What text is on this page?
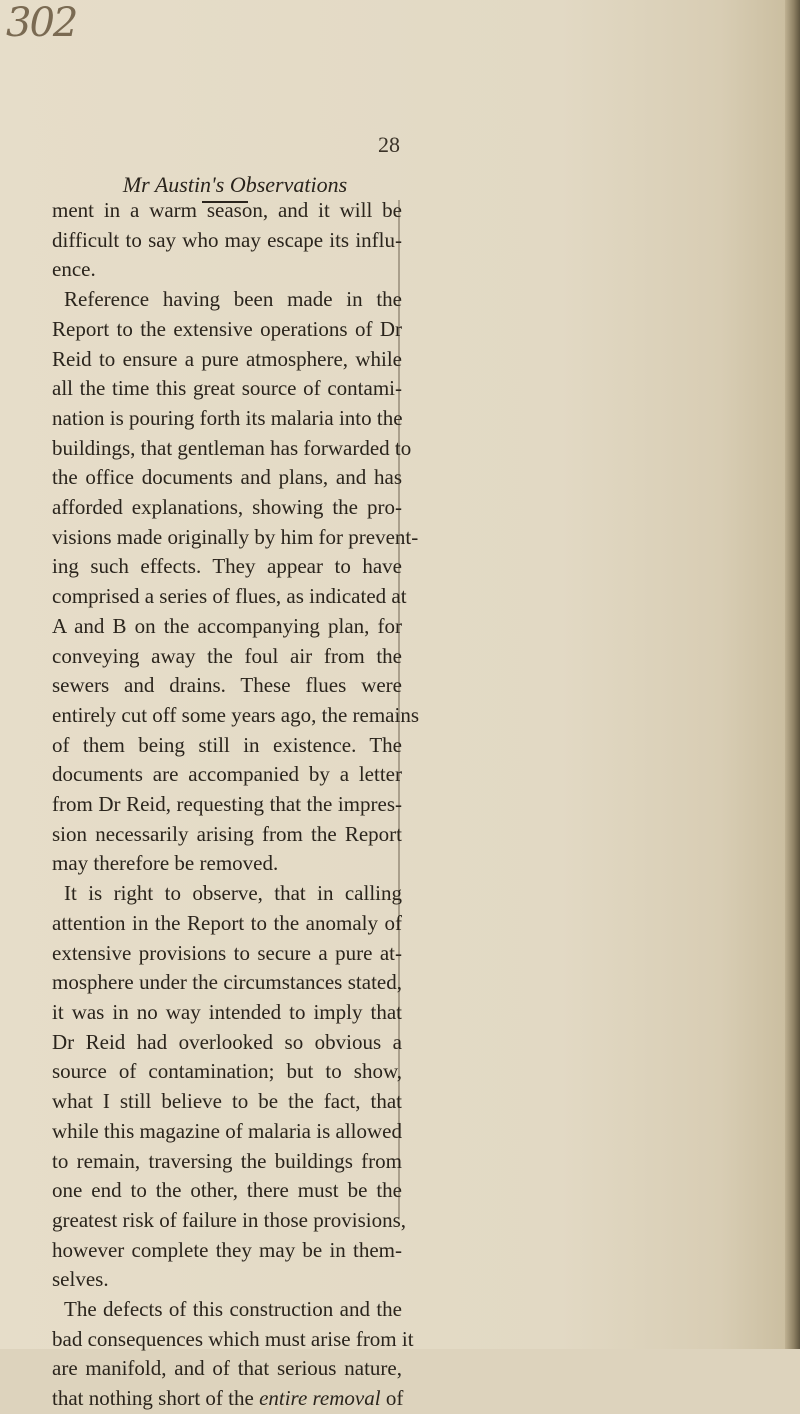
302
28
Mr Austin's Observations
ment in a warm season, and it will be
difficult to say who may escape its influ-
ence.
Reference having been made in the
Report to the extensive operations of Dr
Reid to ensure a pure atmosphere, while
all the time this great source of contami-
nation is pouring forth its malaria into the
buildings, that gentleman has forwarded to
the office documents and plans, and has
afforded explanations, showing the pro-
visions made originally by him for prevent-
ing such effects. They appear to have
comprised a series of flues, as indicated at
A and B on the accompanying plan, for
conveying away the foul air from the
sewers and drains. These flues were
entirely cut off some years ago, the remains
of them being still in existence. The
documents are accompanied by a letter
from Dr Reid, requesting that the impres-
sion necessarily arising from the Report
may therefore be removed.
It is right to observe, that in calling
attention in the Report to the anomaly of
extensive provisions to secure a pure at-
mosphere under the circumstances stated,
it was in no way intended to imply that
Dr Reid had overlooked so obvious a
source of contamination; but to show,
what I still believe to be the fact, that
while this magazine of malaria is allowed
to remain, traversing the buildings from
one end to the other, there must be the
greatest risk of failure in those provisions,
however complete they may be in them-
selves.
The defects of this construction and the
bad consequences which must arise from it
are manifold, and of that serious nature,
that nothing short of the entire removal of
